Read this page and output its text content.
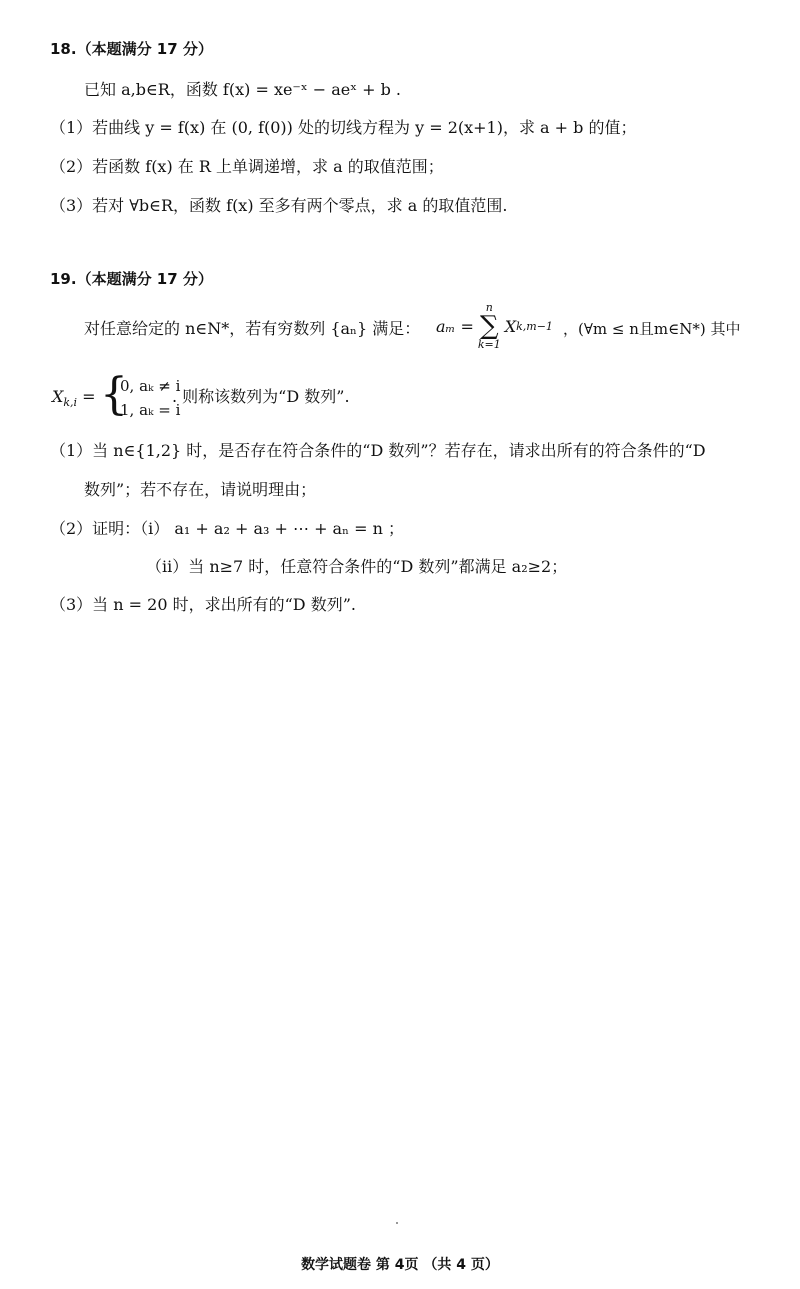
18.（本题满分 17 分）
已知 a,b∈R，函数 f(x) = xe⁻ˣ − aeˣ + b .
（1）若曲线 y = f(x) 在 (0, f(0)) 处的切线方程为 y = 2(x+1)，求 a + b 的值；
（2）若函数 f(x) 在 R 上单调递增，求 a 的取值范围；
（3）若对 ∀b∈R，函数 f(x) 至多有两个零点，求 a 的取值范围.
19.（本题满分 17 分）
对任意给定的 n∈N*，若有穷数列 {aₙ} 满足： aₘ =
n
∑
k=1
X k,m−1 ，(∀m ≤ n且m∈N*) 其中
$X_{k,i}$ = {
0, aₖ ≠ i
1, aₖ = i
. 则称该数列为“D 数列”.
（1）当 n∈{1,2} 时，是否存在符合条件的“D 数列”？若存在，请求出所有的符合条件的“D
数列”；若不存在，请说明理由；
（2）证明：（i） a₁ + a₂ + a₃ + ⋯ + aₙ = n ；
（ii）当 n≥7 时，任意符合条件的“D 数列”都满足 a₂≥2；
（3）当 n = 20 时，求出所有的“D 数列”.
数学试题卷 第 4页 （共 4 页）
